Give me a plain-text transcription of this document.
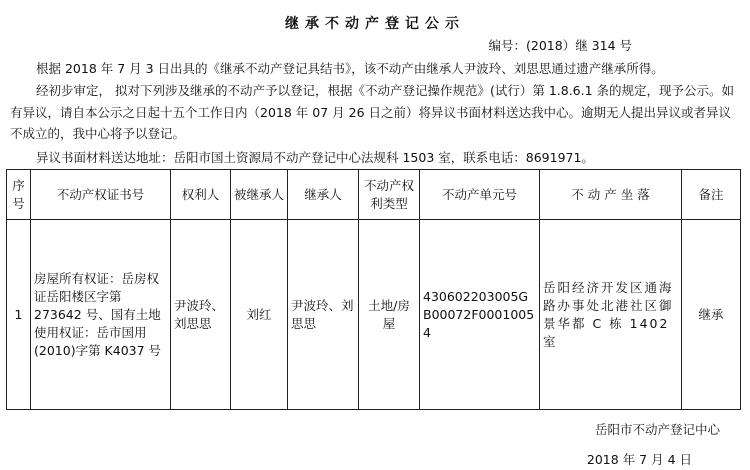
继承不动产登记公示
编号：(2018）继 314 号
根据 2018 年 7 月 3 日出具的《继承不动产登记具结书》，该不动产由继承人尹波玲、刘思思通过遗产继承所得。
经初步审定， 拟对下列涉及继承的不动产予以登记，根据《不动产登记操作规范》(试行）第 1.8.6.1 条的规定，现予公示。如有异议，请自本公示之日起十五个工作日内（2018 年 07 月 26 日之前）将异议书面材料送达我中心。逾期无人提出异议或者异议不成立的，我中心将予以登记。
异议书面材料送达地址：岳阳市国土资源局不动产登记中心法规科 1503 室，联系电话：8691971。
序号	不动产权证书号	权利人	被继承人	继承人	不动产权利类型	不动产单元号	不 动 产 坐 落	备注
1	房屋所有权证：岳房权证岳阳楼区字第 273642 号、国有土地使用权证：岳市国用(2010)字第 K4037 号	尹波玲、刘思思	刘红	尹波玲、刘思思	土地/房屋	430602203005GB00072F00010054	岳阳经济开发区通海路办事处北港社区御景华都 C 栋 1402 室	继承
岳阳市不动产登记中心
2018 年 7 月 4 日
